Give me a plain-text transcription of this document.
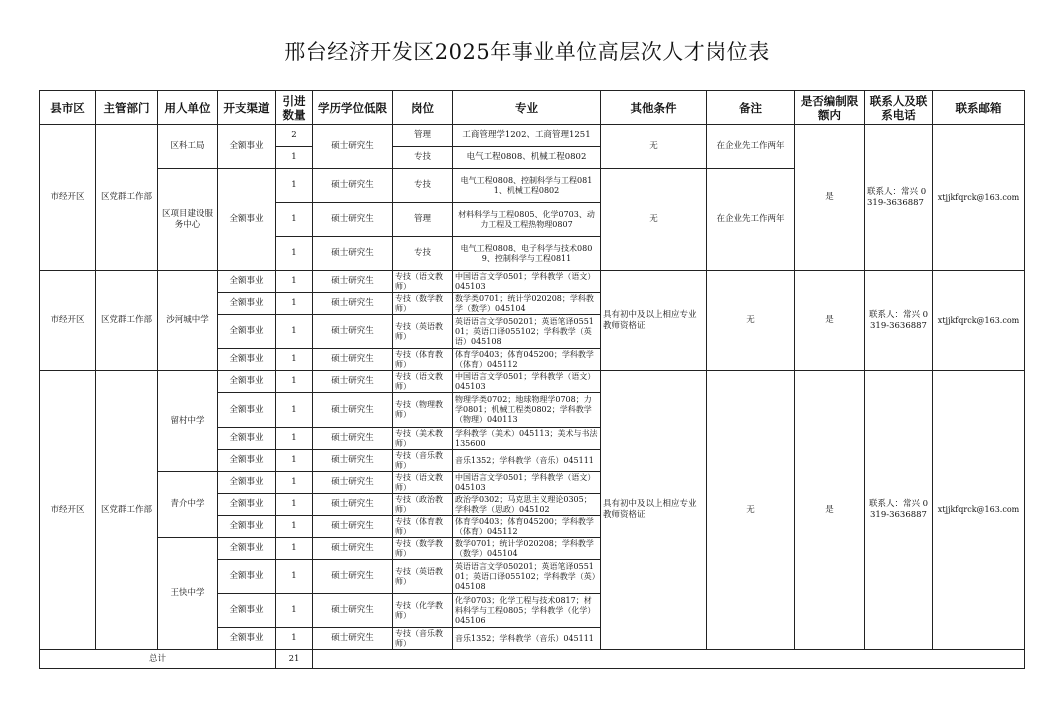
邢台经济开发区2025年事业单位高层次人才岗位表
县市区	主管部门	用人单位	开支渠道	引进数量	学历学位低限	岗位	专业	其他条件	备注	是否编制限额内	联系人及联系电话	联系邮箱
市经开区	区党群工作部	区科工局	全额事业	2	硕士研究生	管理	工商管理学1202、工商管理1251	无	在企业先工作两年	是	联系人：常兴 0319-3636887	xtjjkfqrck@163.com
				1		专技	电气工程0808、机械工程0802					
		区项目建设服务中心	全额事业	1	硕士研究生	专技	电气工程0808、控制科学与工程0811、机械工程0802	无	在企业先工作两年			
				1	硕士研究生	管理	材料科学与工程0805、化学0703、动力工程及工程热物理0807					
				1	硕士研究生	专技	电气工程0808、电子科学与技术0809、控制科学与工程0811					
市经开区	区党群工作部	沙河城中学	全额事业	1	硕士研究生	专技（语文教师）	中国语言文学0501；学科教学（语文）045103	具有初中及以上相应专业教师资格证	无	是	联系人：常兴 0319-3636887	xtjjkfqrck@163.com
			全额事业	1	硕士研究生	专技（数学教师）	数学类0701；统计学020208；学科教学（数学）045104					
			全额事业	1	硕士研究生	专技（英语教师）	英语语言文学050201；英语笔译055101；英语口译055102；学科教学（英语）045108					
			全额事业	1	硕士研究生	专技（体育教师）	体育学0403；体育045200；学科教学（体育）045112					
市经开区	区党群工作部	留村中学	全额事业	1	硕士研究生	专技（语文教师）	中国语言文学0501；学科教学（语文）045103	具有初中及以上相应专业教师资格证	无	是	联系人：常兴 0319-3636887	xtjjkfqrck@163.com
			全额事业	1	硕士研究生	专技（物理教师）	物理学类0702；地球物理学0708；力学0801；机械工程类0802；学科教学（物理）040113					
			全额事业	1	硕士研究生	专技（美术教师）	学科教学（美术）045113；美术与书法135600					
			全额事业	1	硕士研究生	专技（音乐教师）	音乐1352；学科教学（音乐）045111					
		青介中学	全额事业	1	硕士研究生	专技（语文教师）	中国语言文学0501；学科教学（语文）045103					
			全额事业	1	硕士研究生	专技（政治教师）	政治学0302；马克思主义理论0305；学科教学（思政）045102					
			全额事业	1	硕士研究生	专技（体育教师）	体育学0403；体育045200；学科教学（体育）045112					
		王快中学	全额事业	1	硕士研究生	专技（数学教师）	数学0701；统计学020208；学科教学（数学）045104					
			全额事业	1	硕士研究生	专技（英语教师）	英语语言文学050201；英语笔译055101；英语口译055102；学科教学（英）045108					
			全额事业	1	硕士研究生	专技（化学教师）	化学0703；化学工程与技术0817；材料科学与工程0805；学科教学（化学）045106					
			全额事业	1	硕士研究生	专技（音乐教师）	音乐1352；学科教学（音乐）045111					
总计				21								
